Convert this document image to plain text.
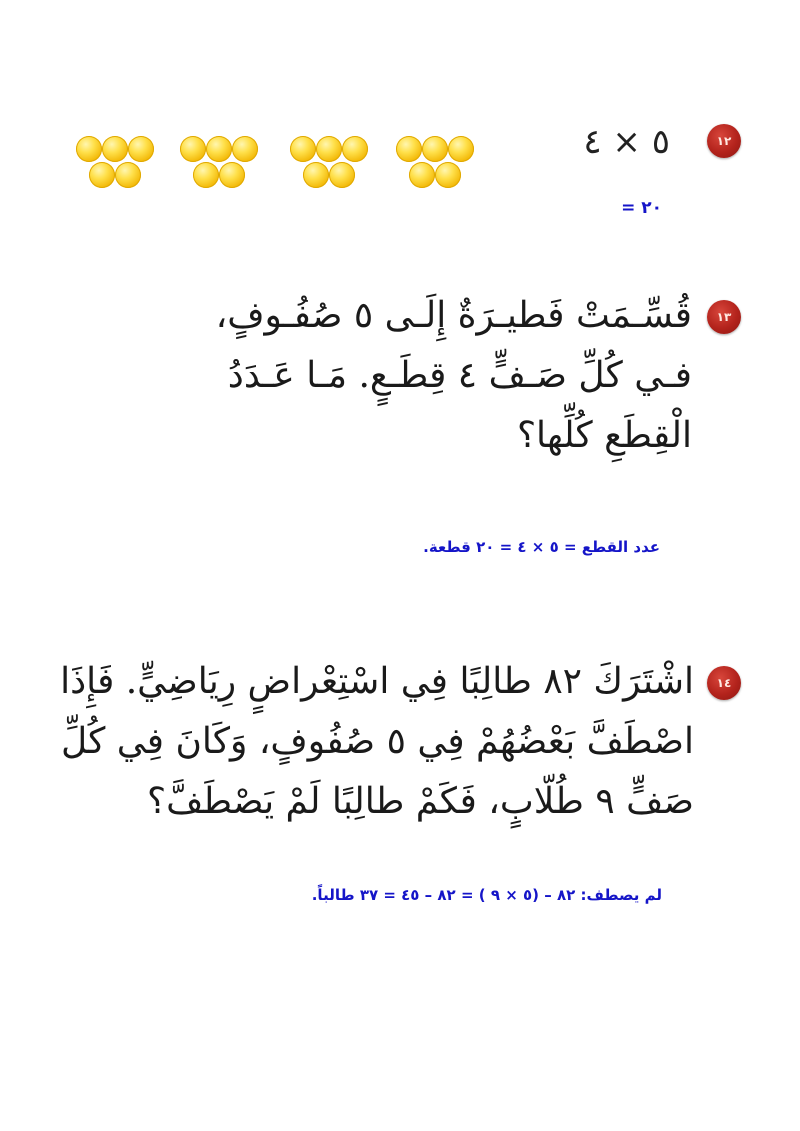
١٢
٥ × ٤
٢٠ =
١٣
قُسِّـمَتْ فَطيـرَةٌ إِلَـى ٥ صُفُـوفٍ،
فـي كُلِّ صَـفٍّ ٤ قِطَـعٍ. مَـا عَـدَدُ
الْقِطَعِ كُلِّها؟
عدد القطع = ٥ × ٤ = ٢٠ قطعة.
١٤
اشْتَرَكَ ٨٢ طالِبًا فِي اسْتِعْراضٍ رِيَاضِيٍّ. فَإِذَا
اصْطَفَّ بَعْضُهُمْ فِي ٥ صُفُوفٍ، وَكَانَ فِي كُلِّ
صَفٍّ ٩ طُلّابٍ، فَكَمْ طالِبًا لَمْ يَصْطَفَّ؟
لم يصطف: ٨٢ – (٥ × ٩ ) = ٨٢ – ٤٥ = ٣٧ طالباً.
